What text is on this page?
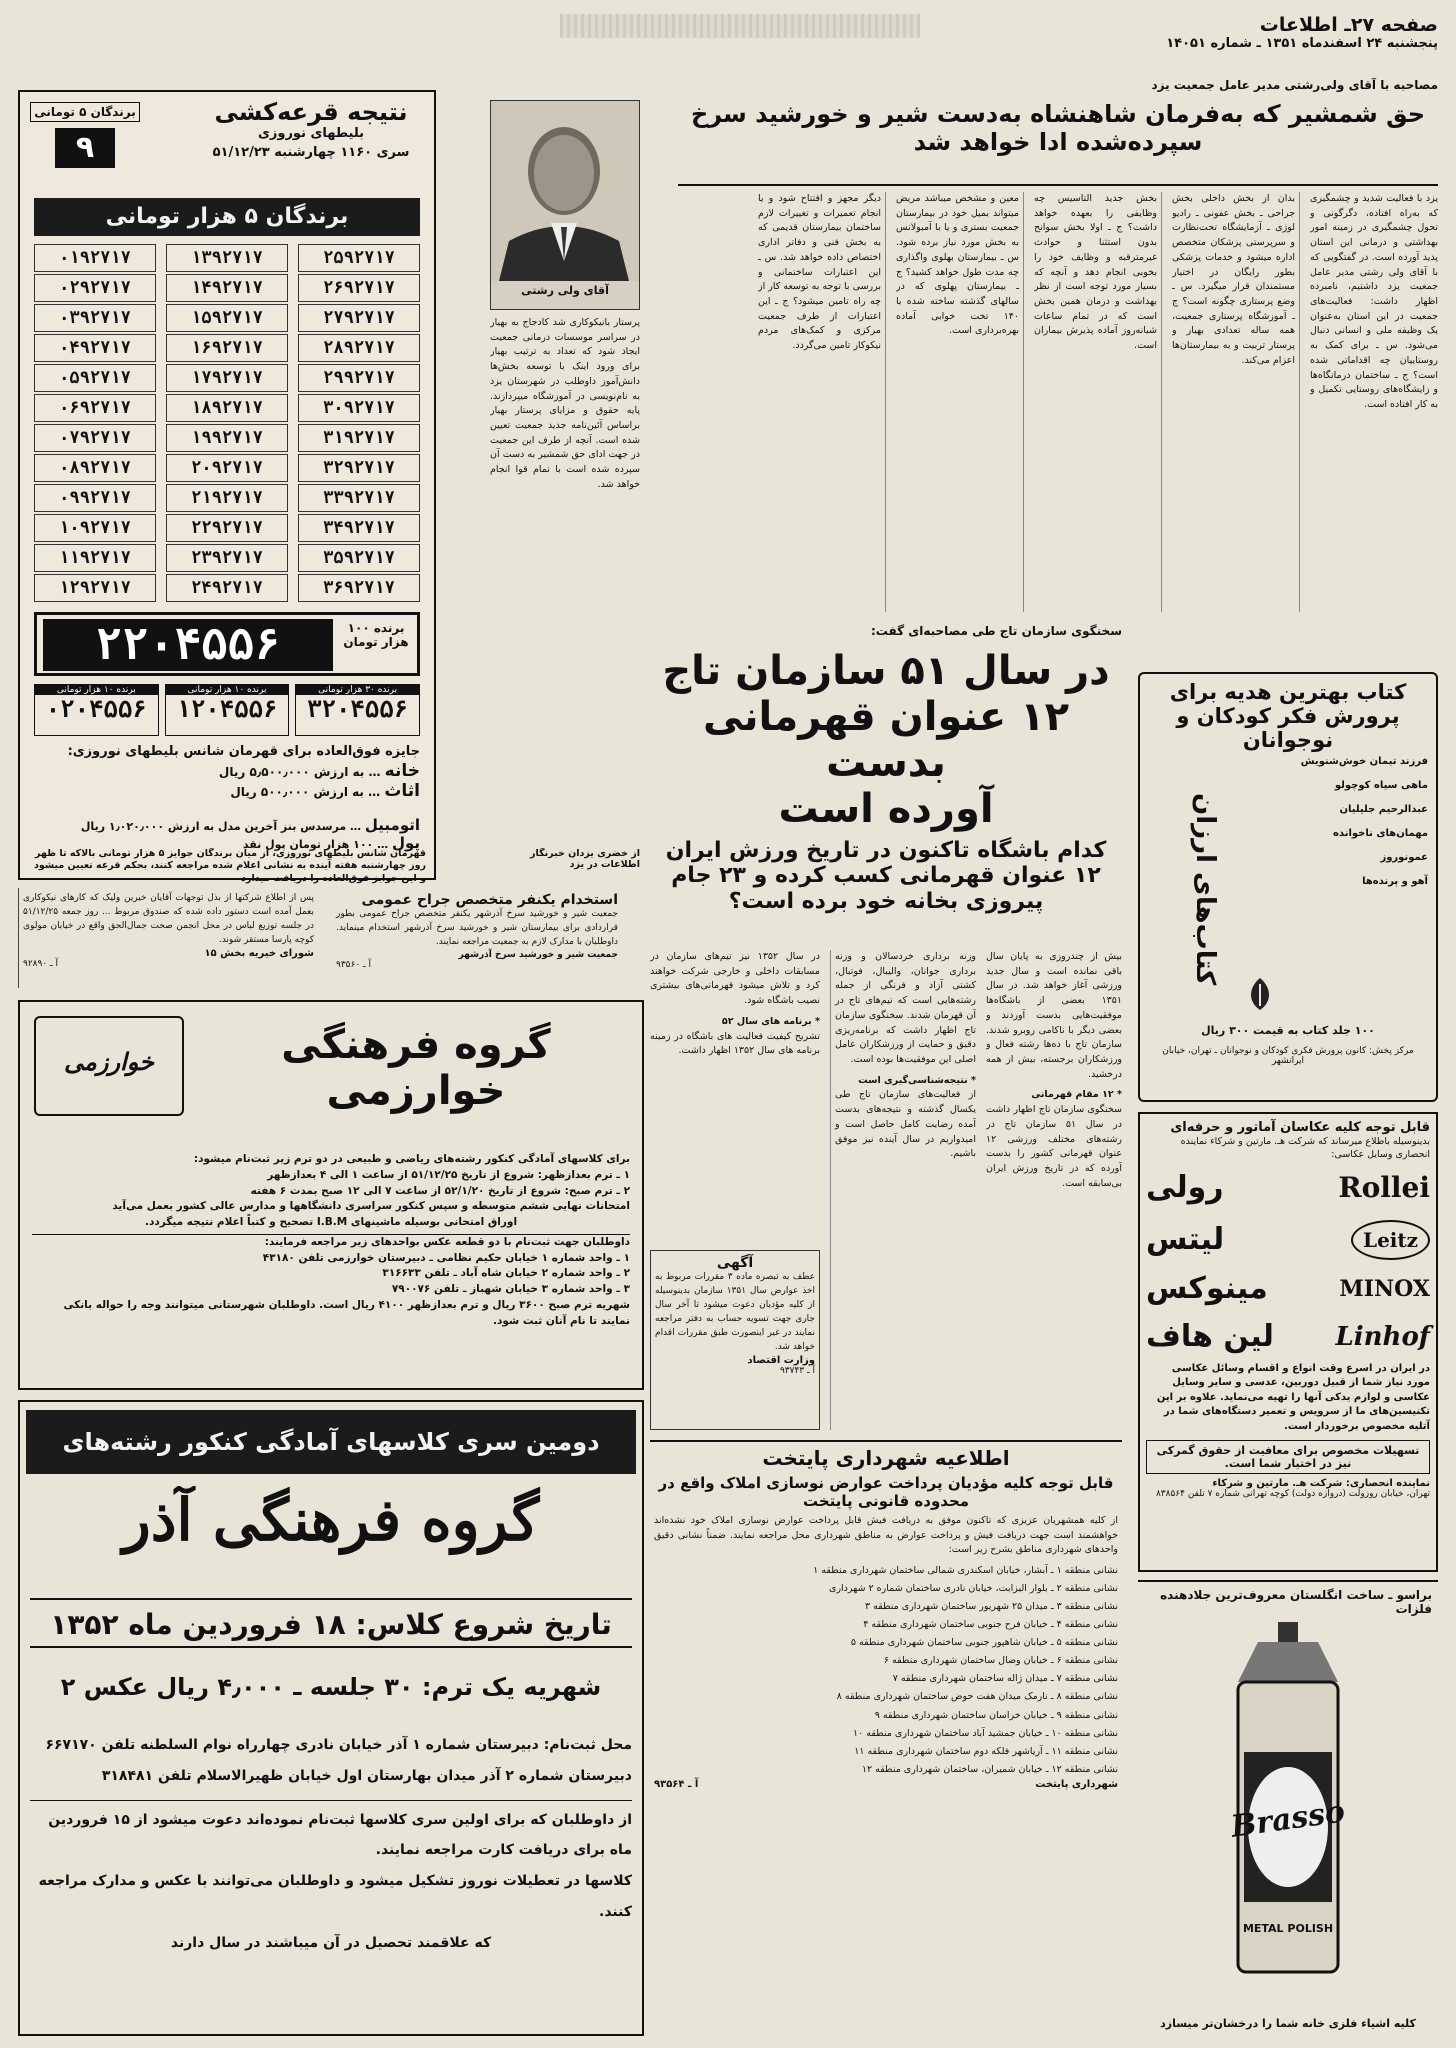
صفحه ۲۷ـ اطلاعات
پنجشنبه ۲۴ اسفندماه ۱۳۵۱ ـ شماره ۱۴۰۵۱
نتیجه قرعه‌کشی
بلیطهای نوروزی
سری ۱۱۶۰ چهارشنبه ۵۱/۱۲/۲۳
برندگان ۵ تومانی
۹
برندگان ۵ هزار تومانی
۲۵۹۲۷۱۷
۱۳۹۲۷۱۷
۰۱۹۲۷۱۷
۲۶۹۲۷۱۷
۱۴۹۲۷۱۷
۰۲۹۲۷۱۷
۲۷۹۲۷۱۷
۱۵۹۲۷۱۷
۰۳۹۲۷۱۷
۲۸۹۲۷۱۷
۱۶۹۲۷۱۷
۰۴۹۲۷۱۷
۲۹۹۲۷۱۷
۱۷۹۲۷۱۷
۰۵۹۲۷۱۷
۳۰۹۲۷۱۷
۱۸۹۲۷۱۷
۰۶۹۲۷۱۷
۳۱۹۲۷۱۷
۱۹۹۲۷۱۷
۰۷۹۲۷۱۷
۳۲۹۲۷۱۷
۲۰۹۲۷۱۷
۰۸۹۲۷۱۷
۳۳۹۲۷۱۷
۲۱۹۲۷۱۷
۰۹۹۲۷۱۷
۳۴۹۲۷۱۷
۲۲۹۲۷۱۷
۱۰۹۲۷۱۷
۳۵۹۲۷۱۷
۲۳۹۲۷۱۷
۱۱۹۲۷۱۷
۳۶۹۲۷۱۷
۲۴۹۲۷۱۷
۱۲۹۲۷۱۷
برنده ۱۰۰ هزار تومان
۲۲۰۴۵۵۶
برنده ۳۰ هزار تومانی
۳۲۰۴۵۵۶
برنده ۱۰ هزار تومانی
۱۲۰۴۵۵۶
برنده ۱۰ هزار تومانی
۰۲۰۴۵۵۶
جایزه فوق‌العاده برای قهرمان شانس بلیطهای نوروزی:
خانه … به ارزش ۵٫۵۰۰٫۰۰۰ ریال
اثاث … به ارزش ۵۰۰٫۰۰۰ ریال
اتومبیل … مرسدس بنز آخرین مدل به ارزش ۱٫۰۲۰٫۰۰۰ ریال
پول … ۱۰۰ هزار تومان پول نقد
قهرمان شانس بلیطهای نوروزی، از میان برندگان جوایز ۵ هزار تومانی بالاکه تا ظهر روز چهارشنبه هفته آینده به نشانی اعلام شده مراجعه کنند، بحکم قرعه تعیین میشود و این جوایز فوق‌العاده را دریافت میدارد
پس از اطلاع شرکتها از بذل توجهات آقایان خیرین ولیک که کارهای نیکوکاری بعمل آمده است دستور داده شده که صندوق مربوط ... روز جمعه ۵۱/۱۲/۲۵ در جلسه توزیع لباس در محل انجمن صحت جمال‌الحق واقع در خیابان مولوی کوچه پارسا مستقر شوند.
شورای خیریه بخش ۱۵
آ ـ ۹۲۸۹۰
استخدام یکنفر متخصص جراح عمومی
جمعیت شیر و خورشید سرخ آذرشهر یکنفر متخصص جراح عمومی بطور قراردادی برای بیمارستان شیر و خورشید سرخ آذرشهر استخدام مینماید. داوطلبان با مدارک لازم به جمعیت مراجعه نمایند.
جمعیت شیر و خورشید سرخ آذرشهر
آ ـ ۹۳۵۶۰
خوارزمی	گروه فرهنگی
خوارزمی
برای کلاسهای آمادگی کنکور رشته‌های ریاضی و طبیعی در دو ترم زیر ثبت‌نام میشود:
۱ ـ ترم بعدازظهر: شروع از تاریخ ۵۱/۱۲/۲۵ از ساعت ۱ الی ۴ بعدازظهر
۲ ـ ترم صبح: شروع از تاریخ ۵۲/۱/۲۰ از ساعت ۷ الی ۱۲ صبح بمدت ۶ هفته
امتحانات نهایی ششم متوسطه و سپس کنکور سراسری دانشگاهها و مدارس عالی کشور بعمل می‌آید
اوراق امتحانی بوسیله ماشینهای I.B.M تصحیح و کتباً اعلام نتیجه میگردد.
داوطلبان جهت ثبت‌نام با دو قطعه عکس بواحدهای زیر مراجعه فرمایند:
۱ ـ واحد شماره ۱ خیابان حکیم نظامی ـ دبیرستان خوارزمی تلفن ۴۳۱۸۰
۲ ـ واحد شماره ۲ خیابان شاه آباد ـ تلفن ۳۱۶۶۳۳
۳ ـ واحد شماره ۳ خیابان شهباز ـ تلفن ۷۹۰۰۷۶
شهریه ترم صبح ۳۶۰۰ ریال و ترم بعدازظهر ۴۱۰۰ ریال است. داوطلبان شهرستانی میتوانند وجه را حواله بانکی نمایند تا نام آنان ثبت شود.
دومین سری کلاسهای آمادگی کنکور رشته‌های
گروه فرهنگی آذر
تاریخ شروع کلاس: ۱۸ فروردین ماه ۱۳۵۲
شهریه یک ترم: ۳۰ جلسه ـ ۴٫۰۰۰ ریال عکس ۲
محل ثبت‌نام: دبیرستان شماره ۱ آذر خیابان نادری چهارراه نوام السلطنه تلفن ۶۶۷۱۷۰
دبیرستان شماره ۲ آذر میدان بهارستان اول خیابان ظهیرالاسلام تلفن ۳۱۸۴۸۱
از داوطلبان که برای اولین سری کلاسها ثبت‌نام نموده‌اند دعوت میشود از ۱۵ فروردین ماه برای دریافت کارت مراجعه نمایند.
کلاسها در تعطیلات نوروز تشکیل میشود و داوطلبان می‌توانند با عکس و مدارک مراجعه کنند.
که علاقمند تحصیل در آن میباشند در سال دارند
مصاحبه با آقای ولی‌رشتی مدیر عامل جمعیت یزد
حق شمشیر که به‌فرمان شاهنشاه به‌دست شیر و خورشید سرخ
سپرده‌شده ادا خواهد شد
آقای ولی رشتی
یزد با فعالیت شدید و چشمگیری که به‌راه افتاده، دگرگونی و تحول چشمگیری در زمینه امور بهداشتی و درمانی این استان پدید آورده است. در گفتگویی که با آقای ولی رشتی مدیر عامل جمعیت یزد داشتیم، نامبرده اظهار داشت: فعالیت‌های جمعیت در این استان به‌عنوان یک وظیفه ملی و انسانی دنبال می‌شود. س ـ برای کمک به روستاییان چه اقداماتی شده است؟ ج ـ ساختمان درمانگاه‌ها و زایشگاه‌های روستایی تکمیل و به کار افتاده است.
بدان از بخش داخلی بخش جراحی ـ بخش عفونی ـ رادیو لوژی ـ آزمایشگاه تحت‌نظارت و سرپرستی پزشکان متخصص اداره میشود و خدمات پزشکی بطور رایگان در اختیار مستمندان قرار میگیرد. س ـ وضع پرستاری چگونه است؟ ج ـ آموزشگاه پرستاری جمعیت، همه ساله تعدادی بهیار و پرستار تربیت و به بیمارستان‌ها اعزام می‌کند.
بخش جدید التاسیس چه وظایفی را بعهده خواهد داشت؟ ج ـ اولا بخش سوانح بدون استثنا و حوادث غیرمترقبه و وظایف خود را بخوبی انجام دهد و آنچه که بسیار مورد توجه است از نظر بهداشت و درمان همین بخش است که در تمام ساعات شبانه‌روز آماده پذیرش بیماران است.
معین و مشخص میباشد مریض میتواند بمیل خود در بیمارستان جمعیت بستری و یا با آمبولانس به بخش مورد نیاز برده شود. س ـ بیمارستان بهلوی واگذاری چه مدت طول خواهد کشید؟ ج ـ بیمارستان پهلوی که در سالهای گذشته ساخته شده با ۱۴۰ تخت خوابی آماده بهره‌برداری است.
دیگر مجهز و افتتاح شود و یا انجام تعمیرات و تغییرات لازم ساختمان بیمارستان قدیمی که به بخش فنی و دفاتر اداری اختصاص داده خواهد شد. س ـ این اعتبارات ساختمانی و بررسی با توجه به توسعه کار از چه راه تامین میشود؟ ج ـ این اعتبارات از طرف جمعیت مرکزی و کمک‌های مردم نیکوکار تامین می‌گردد.
پرستار بانیکوکاری شد کادجاج به بهیار در سراسر موسسات درمانی جمعیت ایجاد شود که تعداد به ترتیب بهیار برای ورود اینک با توسعه بخش‌ها دانش‌آموز داوطلب در شهرستان یزد به نام‌نویسی در آموزشگاه میپردازند. پایه حقوق و مزایای پرستار بهیار براساس آئین‌نامه جدید جمعیت تعیین شده است. آنچه از طرف این جمعیت در جهت ادای حق شمشیر به دست آن سپرده شده است با تمام قوا انجام خواهد شد.
از خضری یزدان خبرنگار اطلاعات در یزد
سخنگوی سازمان تاج طی مصاحبه‌ای گفت:
در سال ۵۱ سازمان تاج
۱۲ عنوان قهرمانی بدست
آورده است
کدام باشگاه تاکنون در تاریخ ورزش ایران
۱۲ عنوان قهرمانی کسب کرده و ۲۳ جام
پیروزی بخانه خود برده است؟
بیش از چندروزی به پایان سال باقی نمانده است و سال جدید ورزشی آغاز خواهد شد. در سال ۱۳۵۱ بعضی از باشگاه‌ها موفقیت‌هایی بدست آوردند و بعضی دیگر با ناکامی روبرو شدند. سازمان تاج با ده‌ها رشته فعال و ورزشکاران برجسته، بیش از همه درخشید.
* ۱۲ مقام قهرمانی
سخنگوی سازمان تاج اظهار داشت در سال ۵۱ سازمان تاج در رشته‌های مختلف ورزشی ۱۲ عنوان قهرمانی کشور را بدست آورده که در تاریخ ورزش ایران بی‌سابقه است.
وزنه برداری خردسالان و وزنه برداری جوانان، والیبال، فوتبال، کشتی آزاد و فرنگی از جمله رشته‌هایی است که تیم‌های تاج در آن قهرمان شدند. سخنگوی سازمان تاج اظهار داشت که برنامه‌ریزی دقیق و حمایت از ورزشکاران عامل اصلی این موفقیت‌ها بوده است.
* نتیجه‌شناسی‌گیری است
از فعالیت‌های سازمان تاج طی یکسال گذشته و نتیجه‌های بدست آمده رضایت کامل حاصل است و امیدواریم در سال آینده نیز موفق باشیم.
در سال ۱۳۵۲ نیز تیم‌های سازمان در مسابقات داخلی و خارجی شرکت خواهند کرد و تلاش میشود قهرمانی‌های بیشتری نصیب باشگاه شود.
* برنامه های سال ۵۲
تشریح کیفیت فعالیت های باشگاه در زمینه برنامه های سال ۱۳۵۲ اظهار داشت.
آگهی
عطف به تبصره ماده ۳ مقررات مربوط به اخذ عوارض سال ۱۳۵۱ سازمان بدینوسیله از کلیه مؤدیان دعوت میشود تا آخر سال جاری جهت تسویه حساب به دفتر مراجعه نمایند در غیر اینصورت طبق مقررات اقدام خواهد شد.
وزارت اقتصاد
آ ـ ۹۳۷۴۳
کتاب بهترین هدیه برای
پرورش فکر کودکان و نوجوانان
فرزند تیمان خوش‌شنویش
ماهی سیاه کوچولو
عبدالرحیم جلیلیان
مهمان‌های ناخوانده
عمونوروز
آهو و پرنده‌ها
کتاب‌های ارزان
۱۰۰ جلد کتاب به قیمت ۳۰۰ ریال
مرکز پخش: کانون پرورش فکری کودکان و نوجوانان ـ تهران، خیابان ایرانشهر
قابل توجه کلیه عکاسان آماتور و حرفه‌ای
بدینوسیله باطلاع میرساند که شرکت هـ. مارتین و شرکاء نماینده انحصاری وسایل عکاسی:
Rollei
رولی
Leitz
لیتس
MINOX
مینوکس
Linhof
لین هاف
در ایران در اسرع وقت انواع و اقسام وسائل عکاسی مورد نیاز شما از قبیل دوربین، عدسی و سایر وسایل عکاسی و لوازم یدکی آنها را تهیه می‌نماید. علاوه بر این تکنیسین‌های ما از سرویس و تعمیر دستگاه‌های شما در آتلیه مخصوص برخوردار است.
تسهیلات مخصوص برای معافیت از حقوق گمرکی نیز در اختیار شما است.
نماینده انحصاری: شرکت هـ. مارتین و شرکاء
تهران، خیابان روزولت (دروازه دولت) کوچه تهرانی شماره ۷ تلفن ۸۳۸۵۶۴
اطلاعیه شهرداری پایتخت
قابل توجه کلیه مؤدیان پرداخت عوارض نوسازی املاک واقع در
محدوده قانونی پایتخت
از کلیه همشهریان عزیزی که تاکنون موفق به دریافت فیش قابل پرداخت عوارض نوسازی املاک خود نشده‌اند خواهشمند است جهت دریافت فیش و پرداخت عوارض به مناطق شهرداری محل مراجعه نمایند. ضمناً نشانی دقیق واحدهای شهرداری مناطق بشرح زیر است:
نشانی منطقه ۱ ـ آبشار، خیابان اسکندری شمالی ساختمان شهرداری منطقه ۱
نشانی منطقه ۲ ـ بلوار الیزابت، خیابان نادری ساختمان شماره ۲ شهرداری
نشانی منطقه ۳ ـ میدان ۲۵ شهریور ساختمان شهرداری منطقه ۳
نشانی منطقه ۴ ـ خیابان فرح جنوبی ساختمان شهرداری منطقه ۴
نشانی منطقه ۵ ـ خیابان شاهپور جنوبی ساختمان شهرداری منطقه ۵
نشانی منطقه ۶ ـ خیابان وصال ساختمان شهرداری منطقه ۶
نشانی منطقه ۷ ـ میدان ژاله ساختمان شهرداری منطقه ۷
نشانی منطقه ۸ ـ نارمک میدان هفت حوض ساختمان شهرداری منطقه ۸
نشانی منطقه ۹ ـ خیابان خراسان ساختمان شهرداری منطقه ۹
نشانی منطقه ۱۰ ـ خیابان جمشید آباد ساختمان شهرداری منطقه ۱۰
نشانی منطقه ۱۱ ـ آریاشهر فلکه دوم ساختمان شهرداری منطقه ۱۱
نشانی منطقه ۱۲ ـ خیابان شمیران، ساختمان شهرداری منطقه ۱۲
شهرداری پایتخت
آ ـ ۹۳۵۶۴
براسو ـ ساخت انگلستان معروف‌ترین جلادهنده فلزات
Brasso
METAL POLISH
کلیه اشیاء فلزی خانه شما را درخشان‌تر میسازد
